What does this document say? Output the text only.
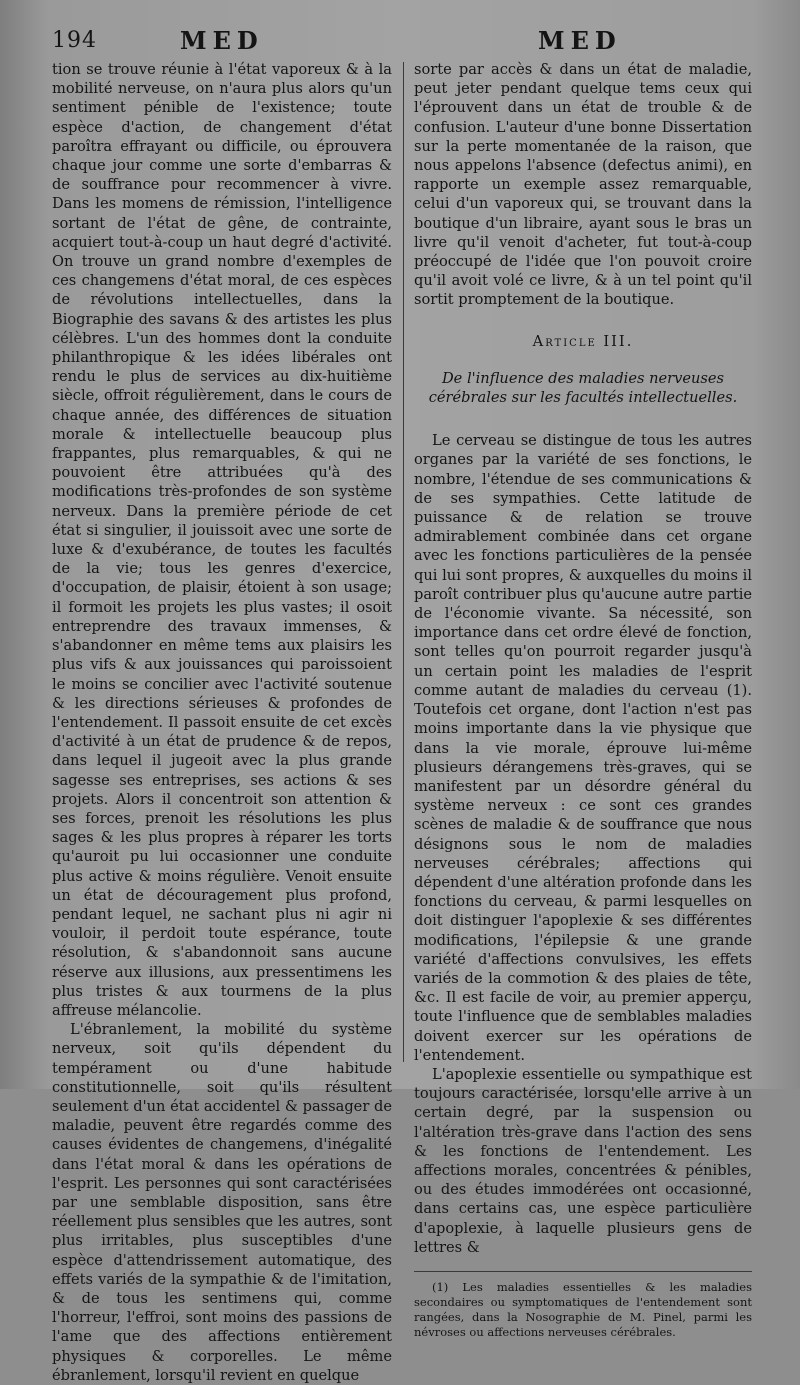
194	MED	MED

tion se trouve réunie à l'état vaporeux & à la mobilité nerveuse, on n'aura plus alors qu'un sentiment pénible de l'existence; toute espèce d'action, de changement d'état paroîtra effrayant ou difficile, ou éprouvera chaque jour comme une sorte d'embarras & de souffrance pour recommencer à vivre. Dans les momens de rémission, l'intelligence sortant de l'état de gêne, de contrainte, acquiert tout-à-coup un haut degré d'activité. On trouve un grand nombre d'exemples de ces changemens d'état moral, de ces espèces de révolutions intellectuelles, dans la Biographie des savans & des artistes les plus célèbres. L'un des hommes dont la conduite philanthropique & les idées libérales ont rendu le plus de services au dix-huitième siècle, offroit régulièrement, dans le cours de chaque année, des différences de situation morale & intellectuelle beaucoup plus frappantes, plus remarquables, & qui ne pouvoient être attribuées qu'à des modifications très-profondes de son système nerveux. Dans la première période de cet état si singulier, il jouissoit avec une sorte de luxe & d'exubérance, de toutes les facultés de la vie; tous les genres d'exercice, d'occupation, de plaisir, étoient à son usage; il formoit les projets les plus vastes; il osoit entreprendre des travaux immenses, & s'abandonner en même tems aux plaisirs les plus vifs & aux jouissances qui paroissoient le moins se concilier avec l'activité soutenue & les directions sérieuses & profondes de l'entendement. Il passoit ensuite de cet excès d'activité à un état de prudence & de repos, dans lequel il jugeoit avec la plus grande sagesse ses entreprises, ses actions & ses projets. Alors il concentroit son attention & ses forces, prenoit les résolutions les plus sages & les plus propres à réparer les torts qu'auroit pu lui occasionner une conduite plus active & moins régulière. Venoit ensuite un état de découragement plus profond, pendant lequel, ne sachant plus ni agir ni vouloir, il perdoit toute espérance, toute résolution, & s'abandonnoit sans aucune réserve aux illusions, aux pressentimens les plus tristes & aux tourmens de la plus affreuse mélancolie.

L'ébranlement, la mobilité du système nerveux, soit qu'ils dépendent du tempérament ou d'une habitude constitutionnelle, soit qu'ils résultent seulement d'un état accidentel & passager de maladie, peuvent être regardés comme des causes évidentes de changemens, d'inégalité dans l'état moral & dans les opérations de l'esprit. Les personnes qui sont caractérisées par une semblable disposition, sans être réellement plus sensibles que les autres, sont plus irritables, plus susceptibles d'une espèce d'attendrissement automatique, des effets variés de la sympathie & de l'imitation, & de tous les sentimens qui, comme l'horreur, l'effroi, sont moins des passions de l'ame que des affections entièrement physiques & corporelles. Le même ébranlement, lorsqu'il revient en quelque

sorte par accès & dans un état de maladie, peut jeter pendant quelque tems ceux qui l'éprouvent dans un état de trouble & de confusion. L'auteur d'une bonne Dissertation sur la perte momentanée de la raison, que nous appelons l'absence (defectus animi), en rapporte un exemple assez remarquable, celui d'un vaporeux qui, se trouvant dans la boutique d'un libraire, ayant sous le bras un livre qu'il venoit d'acheter, fut tout-à-coup préoccupé de l'idée que l'on pouvoit croire qu'il avoit volé ce livre, & à un tel point qu'il sortit promptement de la boutique.

Article III.

De l'influence des maladies nerveuses cérébrales sur les facultés intellectuelles.

Le cerveau se distingue de tous les autres organes par la variété de ses fonctions, le nombre, l'étendue de ses communications & de ses sympathies. Cette latitude de puissance & de relation se trouve admirablement combinée dans cet organe avec les fonctions particulières de la pensée qui lui sont propres, & auxquelles du moins il paroît contribuer plus qu'aucune autre partie de l'économie vivante. Sa nécessité, son importance dans cet ordre élevé de fonction, sont telles qu'on pourroit regarder jusqu'à un certain point les maladies de l'esprit comme autant de maladies du cerveau (1). Toutefois cet organe, dont l'action n'est pas moins importante dans la vie physique que dans la vie morale, éprouve lui-même plusieurs dérangemens très-graves, qui se manifestent par un désordre général du système nerveux : ce sont ces grandes scènes de maladie & de souffrance que nous désignons sous le nom de maladies nerveuses cérébrales; affections qui dépendent d'une altération profonde dans les fonctions du cerveau, & parmi lesquelles on doit distinguer l'apoplexie & ses différentes modifications, l'épilepsie & une grande variété d'affections convulsives, les effets variés de la commotion & des plaies de tête, &c. Il est facile de voir, au premier apperçu, toute l'influence que de semblables maladies doivent exercer sur les opérations de l'entendement.

L'apoplexie essentielle ou sympathique est toujours caractérisée, lorsqu'elle arrive à un certain degré, par la suspension ou l'altération très-grave dans l'action des sens & les fonctions de l'entendement. Les affections morales, concentrées & pénibles, ou des études immodérées ont occasionné, dans certains cas, une espèce particulière d'apoplexie, à laquelle plusieurs gens de lettres &

(1) Les maladies essentielles & les maladies secondaires ou symptomatiques de l'entendement sont rangées, dans la Nosographie de M. Pinel, parmi les névroses ou affections nerveuses cérébrales.
